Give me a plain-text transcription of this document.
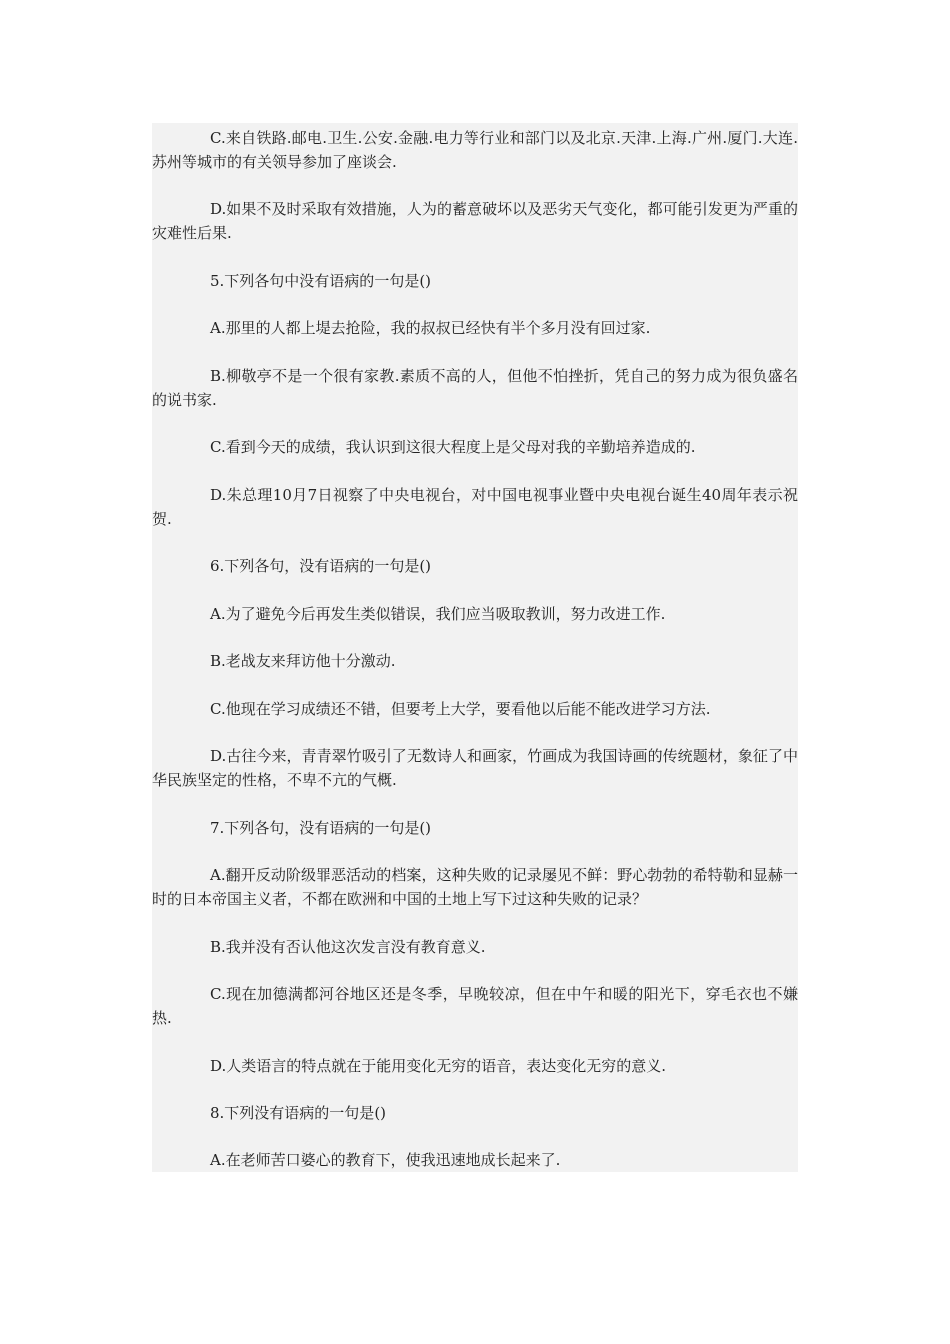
C.来自铁路.邮电.卫生.公安.金融.电力等行业和部门以及北京.天津.上海.广州.厦门.大连.苏州等城市的有关领导参加了座谈会.

D.如果不及时采取有效措施，人为的蓄意破坏以及恶劣天气变化，都可能引发更为严重的灾难性后果.

5.下列各句中没有语病的一句是()

A.那里的人都上堤去抢险，我的叔叔已经快有半个多月没有回过家.

B.柳敬亭不是一个很有家教.素质不高的人，但他不怕挫折，凭自己的努力成为很负盛名的说书家.

C.看到今天的成绩，我认识到这很大程度上是父母对我的辛勤培养造成的.

D.朱总理10月7日视察了中央电视台，对中国电视事业暨中央电视台诞生40周年表示祝贺.

6.下列各句，没有语病的一句是()

A.为了避免今后再发生类似错误，我们应当吸取教训，努力改进工作.

B.老战友来拜访他十分激动.

C.他现在学习成绩还不错，但要考上大学，要看他以后能不能改进学习方法.

D.古往今来，青青翠竹吸引了无数诗人和画家，竹画成为我国诗画的传统题材，象征了中华民族坚定的性格，不卑不亢的气概.

7.下列各句，没有语病的一句是()

A.翻开反动阶级罪恶活动的档案，这种失败的记录屡见不鲜：野心勃勃的希特勒和显赫一时的日本帝国主义者，不都在欧洲和中国的土地上写下过这种失败的记录？

B.我并没有否认他这次发言没有教育意义.

C.现在加德满都河谷地区还是冬季，早晚较凉，但在中午和暖的阳光下，穿毛衣也不嫌热.

D.人类语言的特点就在于能用变化无穷的语音，表达变化无穷的意义.

8.下列没有语病的一句是()

A.在老师苦口婆心的教育下，使我迅速地成长起来了.
